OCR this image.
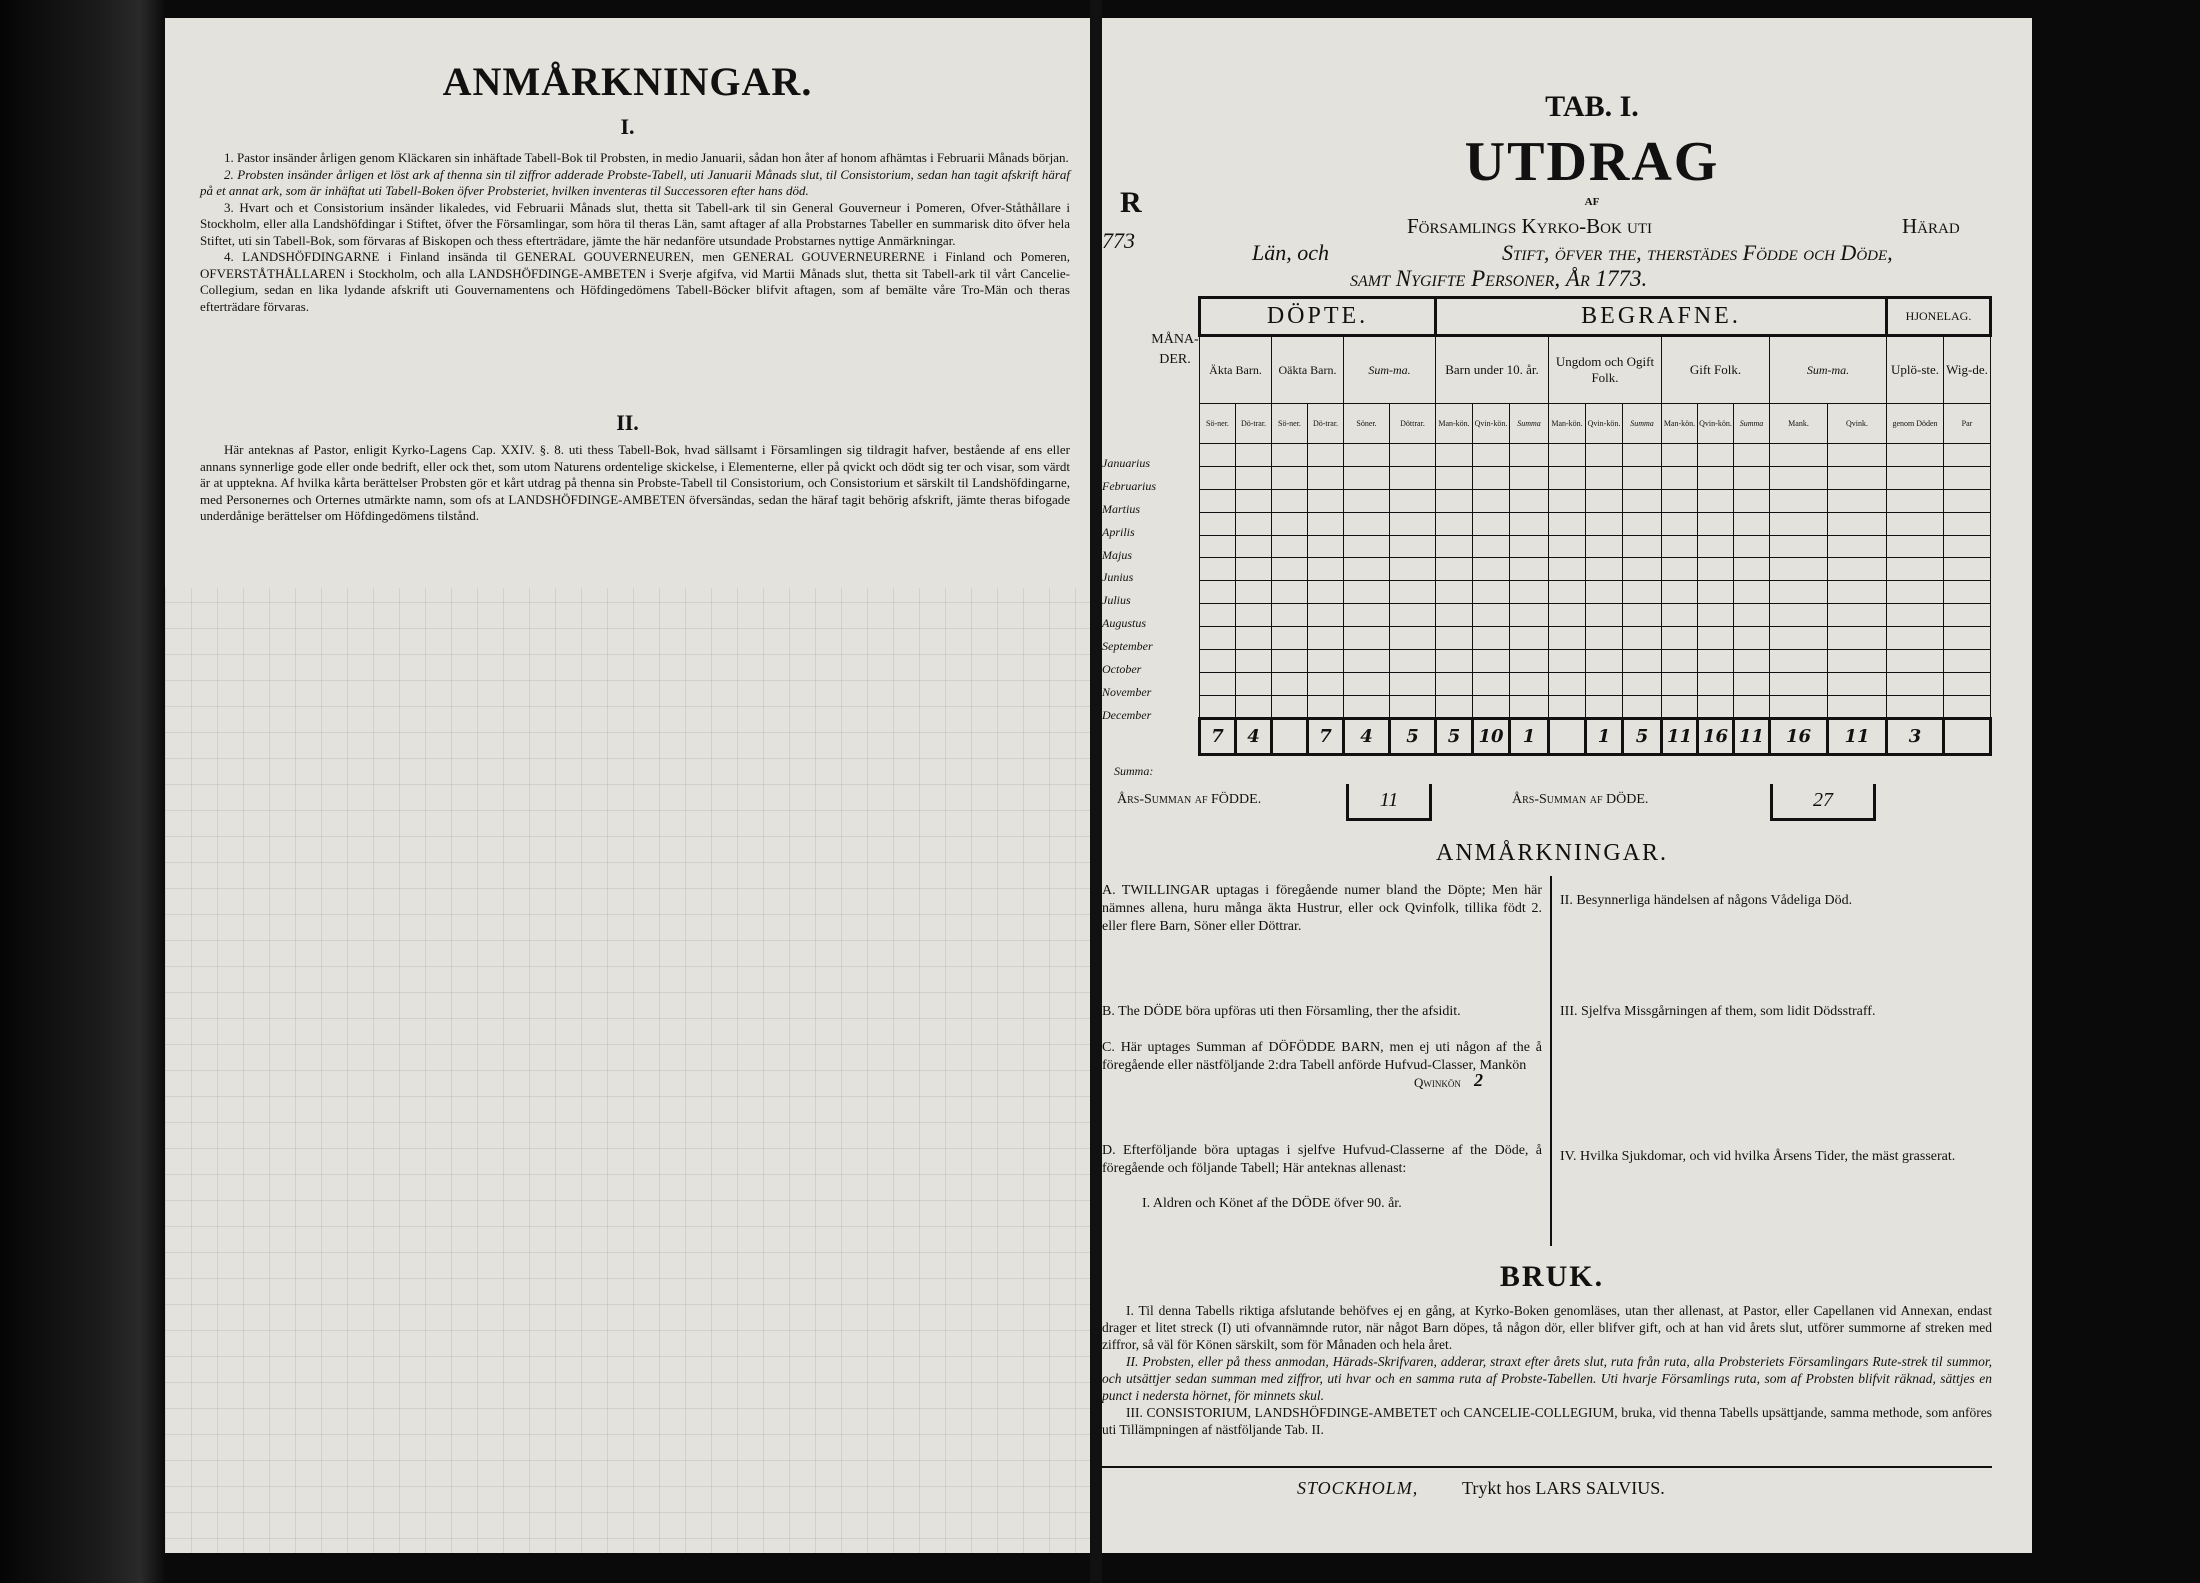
ANMÅRKNINGAR.
I.

1. Pastor insänder årligen genom Kläckaren sin inhäftade Tabell-Bok til Probsten, in medio Januarii, sådan hon åter af honom afhämtas i Februarii Månads början.

2. Probsten insänder årligen et löst ark af thenna sin til ziffror adderade Probste-Tabell, uti Januarii Månads slut, til Consistorium, sedan han tagit afskrift häraf på et annat ark, som är inhäftat uti Tabell-Boken öfver Probsteriet, hvilken inventeras til Successoren efter hans död.

3. Hvart och et Consistorium insänder likaledes, vid Februarii Månads slut, thetta sit Tabell-ark til sin General Gouverneur i Pomeren, Ofver-Ståthållare i Stockholm, eller alla Landshöfdingar i Stiftet, öfver the Församlingar, som höra til theras Län, samt aftager af alla Probstarnes Tabeller en summarisk dito öfver hela Stiftet, uti sin Tabell-Bok, som förvaras af Biskopen och thess efterträdare, jämte the här nedanföre utsundade Probstarnes nyttige Anmärkningar.

4. LANDSHÖFDINGARNE i Finland insända til GENERAL GOUVERNEUREN, men GENERAL GOUVERNEURERNE i Finland och Pomeren, OFVERSTÅTHÅLLAREN i Stockholm, och alla LANDSHÖFDINGE-AMBETEN i Sverje afgifva, vid Martii Månads slut, thetta sit Tabell-ark til vårt Cancelie-Collegium, sedan en lika lydande afskrift uti Gouvernamentens och Höfdingedömens Tabell-Böcker blifvit aftagen, som af bemälte våre Tro-Män och theras efterträdare förvaras.

II.

Här anteknas af Pastor, enligit Kyrko-Lagens Cap. XXIV. §. 8. uti thess Tabell-Bok, hvad sällsamt i Församlingen sig tildragit hafver, bestående af ens eller annans synnerlige gode eller onde bedrift, eller ock thet, som utom Naturens ordentelige skickelse, i Elementerne, eller på qvickt och dödt sig ter och visar, som värdt är at upptekna. Af hvilka kårta berättelser Probsten gör et kårt utdrag på thenna sin Probste-Tabell til Consistorium, och Consistorium et särskilt til Landshöfdingarne, med Personernes och Orternes utmärkte namn, som ofs at LANDSHÖFDINGE-AMBETEN öfversändas, sedan the häraf tagit behörig afskrift, jämte theras bifogade underdånige berättelser om Höfdingedömens tilstånd.

R
773
TAB. I.
UTDRAG
AF
Församlings Kyrko-Bok uti	Härad
Län, och	Stift, öfver the, therstädes Födde och Döde,
samt Nygifte Personer, År 1773.
Januarius
Februarius
Martius
Aprilis
Majus
Junius
Julius
Augustus
September
October
November
December
MÅNA-DER.
DÖPTE.						BEGRAFNE.											HJONELAG.	
Äkta Barn.		Oäkta Barn.		Sum-ma.		Barn under 10. år.			Ungdom och Ogift Folk.			Gift Folk.			Sum-ma.		Uplö-ste.	Wig-de.
Sö-ner.	Dö-trar.	Sö-ner.	Dö-trar.	Söner.	Döttrar.	Man-kön.	Qvin-kön.	Summa	Man-kön.	Qvin-kön.	Summa	Man-kön.	Qvin-kön.	Summa	Mank.	Qvink.	genom Döden	Par

7	4		7	4	5	5	10	1		1	5	11	16	11	16	11	3	
Summa:
Års-Summan af FÖDDE.	11	Års-Summan af DÖDE.	27
ANMÅRKNINGAR.
A. TWILLINGAR uptagas i föregående numer bland the Döpte; Men här nämnes allena, huru många äkta Hustrur, eller ock Qvinfolk, tillika födt 2. eller flere Barn, Söner eller Döttrar.
B. The DÖDE böra upföras uti then Församling, ther the afsidit.
C. Här uptages Summan af DÖFÖDDE BARN, men ej uti någon af the å föregående eller nästföljande 2:dra Tabell anförde Hufvud-Classer, Mankön
Qwinkön 2
D. Efterföljande böra uptagas i sjelfve Hufvud-Classerne af the Döde, å föregående och följande Tabell; Här anteknas allenast:
I. Aldren och Könet af the DÖDE öfver 90. år.
II. Besynnerliga händelsen af någons Vådeliga Död.
III. Sjelfva Missgårningen af them, som lidit Dödsstraff.
IV. Hvilka Sjukdomar, och vid hvilka Årsens Tider, the mäst grasserat.
BRUK.

I. Til denna Tabells riktiga afslutande behöfves ej en gång, at Kyrko-Boken genomläses, utan ther allenast, at Pastor, eller Capellanen vid Annexan, endast drager et litet streck (I) uti ofvannämnde rutor, när något Barn döpes, tå någon dör, eller blifver gift, och at han vid årets slut, utförer summorne af streken med ziffror, så väl för Könen särskilt, som för Månaden och hela året.

II. Probsten, eller på thess anmodan, Härads-Skrifvaren, adderar, straxt efter årets slut, ruta från ruta, alla Probsteriets Församlingars Rute-strek til summor, och utsättjer sedan summan med ziffror, uti hvar och en samma ruta af Probste-Tabellen. Uti hvarje Församlings ruta, som af Probsten blifvit räknad, sättjes en punct i nedersta hörnet, för minnets skul.

III. CONSISTORIUM, LANDSHÖFDINGE-AMBETET och CANCELIE-COLLEGIUM, bruka, vid thenna Tabells upsättjande, samma methode, som anföres uti Tillämpningen af nästföljande Tab. II.

STOCKHOLM, Trykt hos LARS SALVIUS.
